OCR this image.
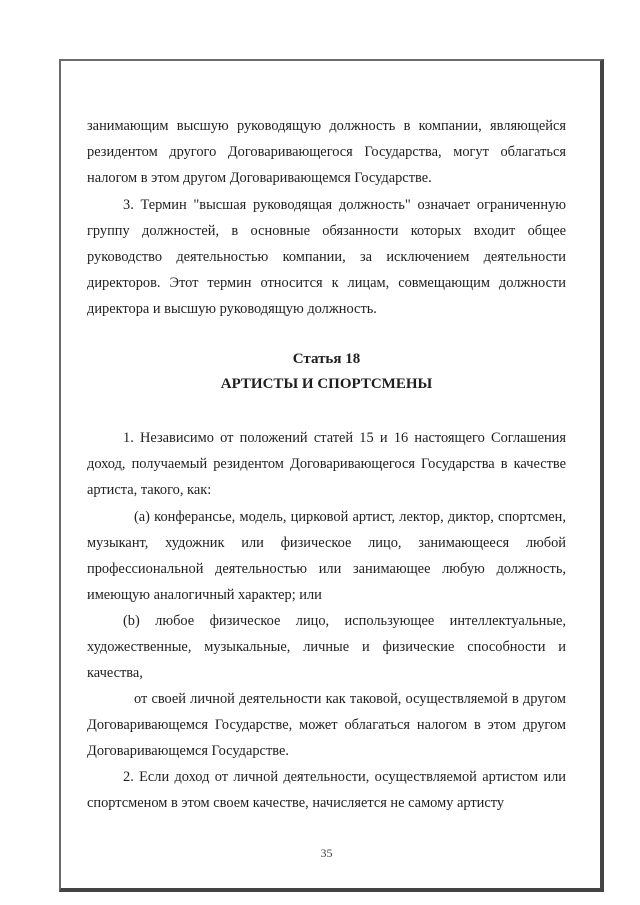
занимающим высшую руководящую должность в компании, являющейся резидентом другого Договаривающегося Государства, могут облагаться налогом в этом другом Договаривающемся Государстве.

3. Термин "высшая руководящая должность" означает ограниченную группу должностей, в основные обязанности которых входит общее руководство деятельностью компании, за исключением деятельности директоров. Этот термин относится к лицам, совмещающим должности директора и высшую руководящую должность.

Статья 18
АРТИСТЫ И СПОРТСМЕНЫ

1. Независимо от положений статей 15 и 16 настоящего Соглашения доход, получаемый резидентом Договаривающегося Государства в качестве артиста, такого, как:

(a) конферансье, модель, цирковой артист, лектор, диктор, спортсмен, музыкант, художник или физическое лицо, занимающееся любой профессиональной деятельностью или занимающее любую должность, имеющую аналогичный характер; или

(b) любое физическое лицо, использующее интеллектуальные, художественные, музыкальные, личные и физические способности и качества,

от своей личной деятельности как таковой, осуществляемой в другом Договаривающемся Государстве, может облагаться налогом в этом другом Договаривающемся Государстве.

2. Если доход от личной деятельности, осуществляемой артистом или спортсменом в этом своем качестве, начисляется не самому артисту

35
